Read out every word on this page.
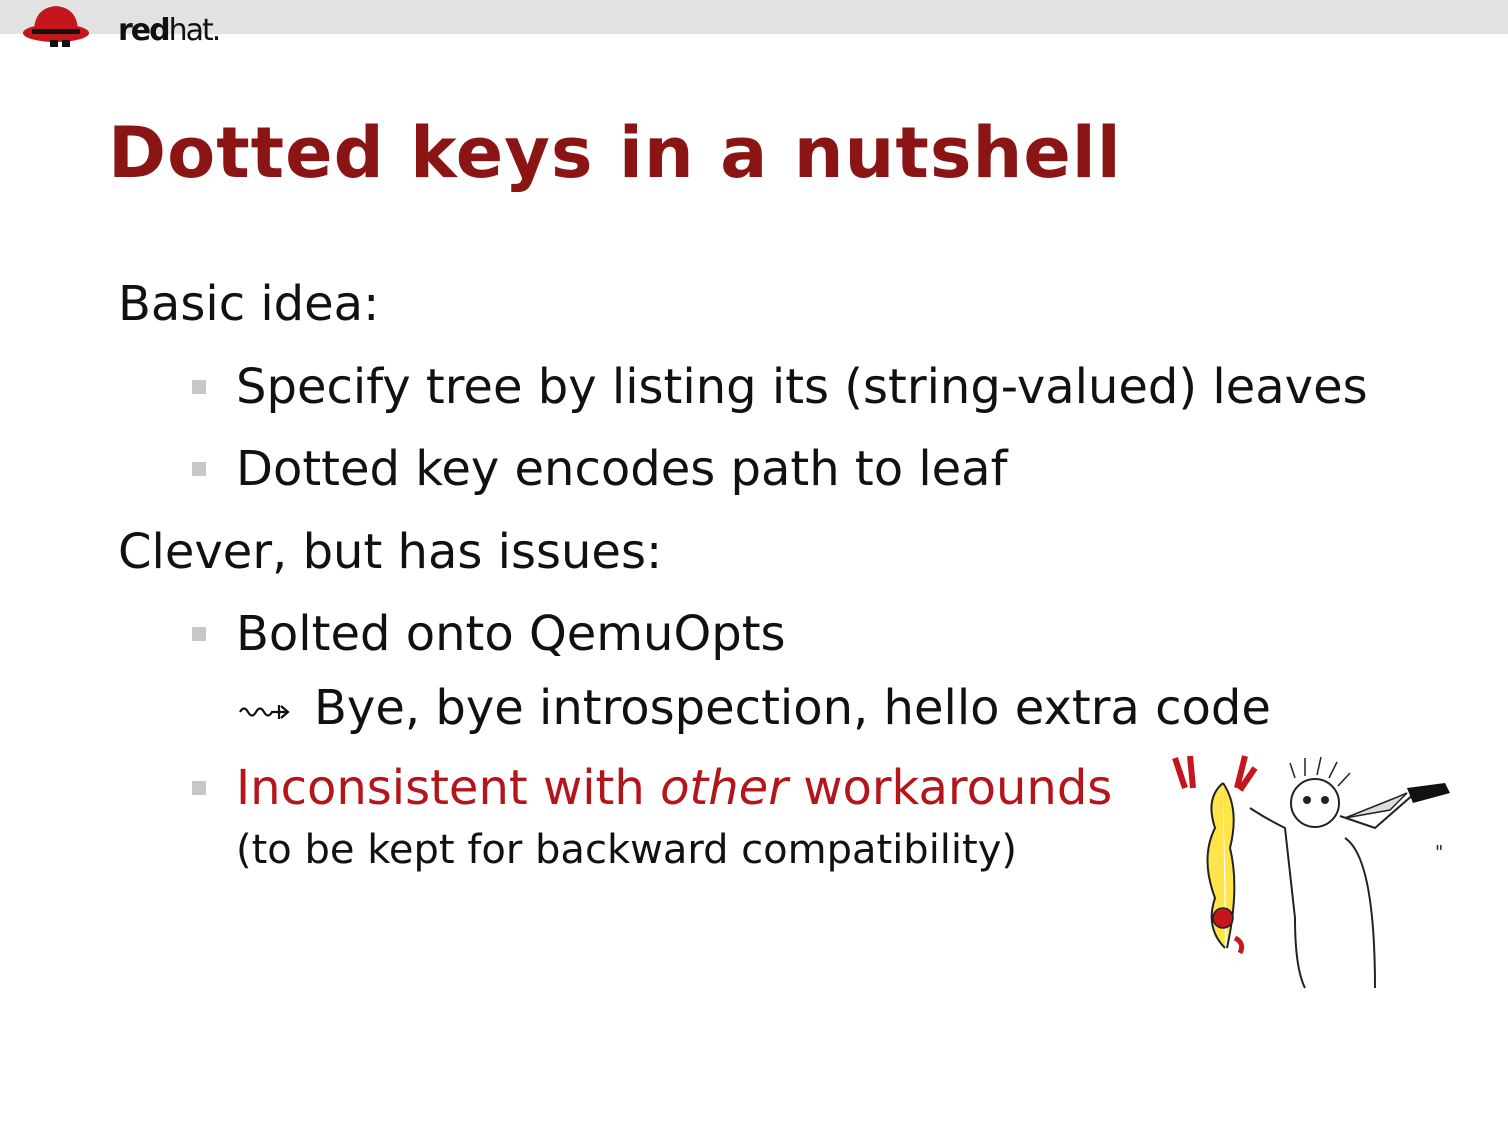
redhat.
Dotted keys in a nutshell
Basic idea:
Specify tree by listing its (string-valued) leaves
Dotted key encodes path to leaf
Clever, but has issues:
Bolted onto QemuOpts
Bye, bye introspection, hello extra code
Inconsistent with other workarounds
(to be kept for backward compatibility)	"
